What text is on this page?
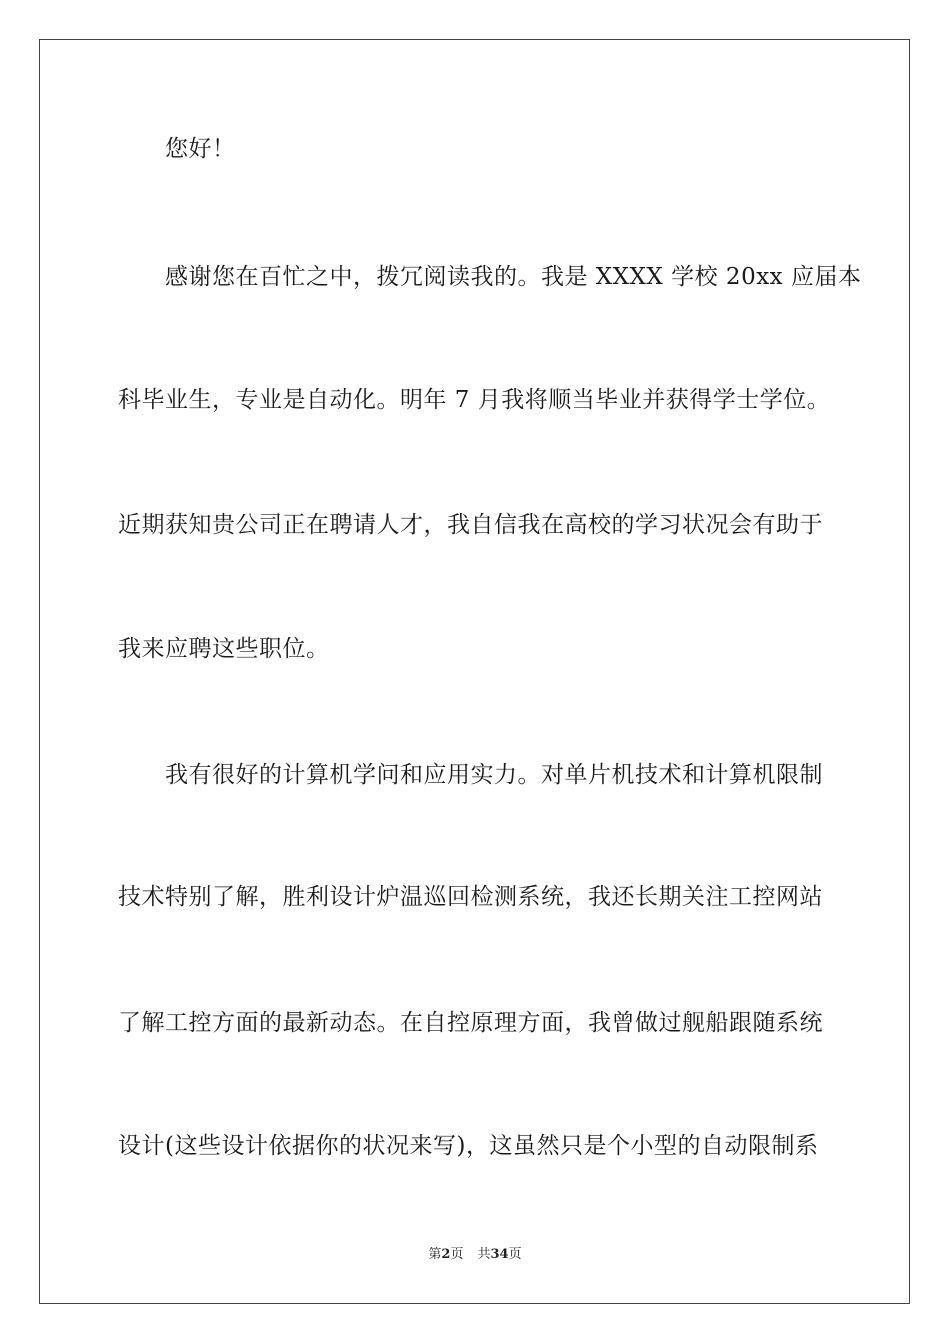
您好！
感谢您在百忙之中，拨冗阅读我的。我是 XXXX 学校 20xx 应届本
科毕业生，专业是自动化。明年 7 月我将顺当毕业并获得学士学位。
近期获知贵公司正在聘请人才，我自信我在高校的学习状况会有助于
我来应聘这些职位。
我有很好的计算机学问和应用实力。对单片机技术和计算机限制
技术特别了解，胜利设计炉温巡回检测系统，我还长期关注工控网站
了解工控方面的最新动态。在自控原理方面，我曾做过舰船跟随系统
设计(这些设计依据你的状况来写)，这虽然只是个小型的自动限制系
第2页 共34页
